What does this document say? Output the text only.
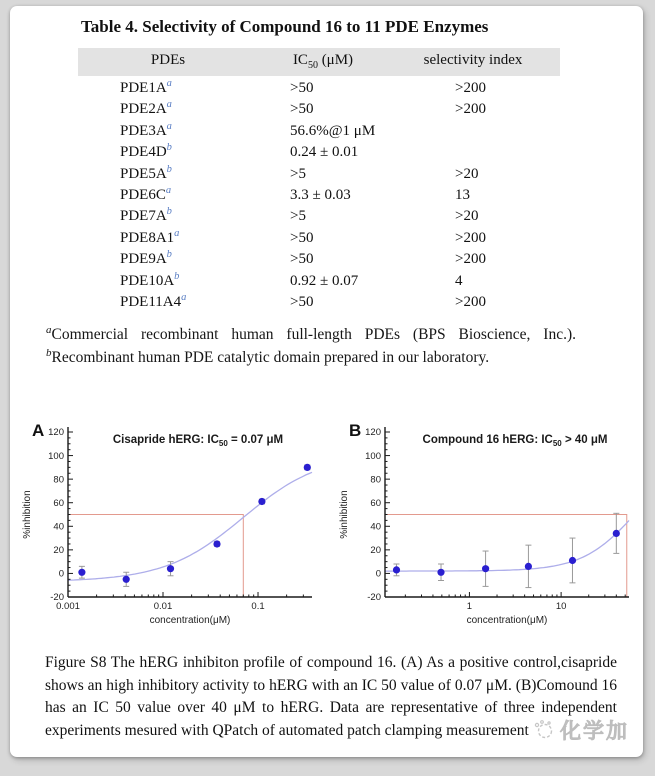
Table 4. Selectivity of Compound 16 to 11 PDE Enzymes
PDEs	$IC_{50}$ (μM)	selectivity index
$PDE1A^a$	>50	>200
$PDE2A^a$	>50	>200
$PDE3A^a$	56.6%@1 μM
$PDE4D^b$	0.24 ± 0.01
$PDE5A^b$	>5	>20
$PDE6C^a$	3.3 ± 0.03	13
$PDE7A^b$	>5	>20
$PDE8A1^a$	>50	>200
$PDE9A^b$	>50	>200
$PDE10A^b$	0.92 ± 0.07	4
$PDE11A4^a$	>50	>200

$^a$Commercial recombinant human full-length PDEs (BPS Bioscience, Inc.). $^b$Recombinant human PDE catalytic domain prepared in our laboratory.

-20
0
20
40
60
80
100
120
0.001	0.01	0.1
concentration(μM)
%inhibition
Cisapride hERG: $IC_{50} = 0.07$ μM
A
-20
0
20
40
60
80
100
120
1	10
concentration(μM)
%inhibition
Compound 16 hERG: $IC_{50} > 40$ μM
B

Figure S8 The hERG inhibiton profile of compound 16. (A) As a positive control,cisapride shows an high inhibitory activity to hERG with an IC 50 value of 0.07 μM. (B)Comound 16 has an IC 50 value over 40 μM to hERG. Data are representative of three independent experiments mesured with QPatch of automated patch clamping measurement	化学加
